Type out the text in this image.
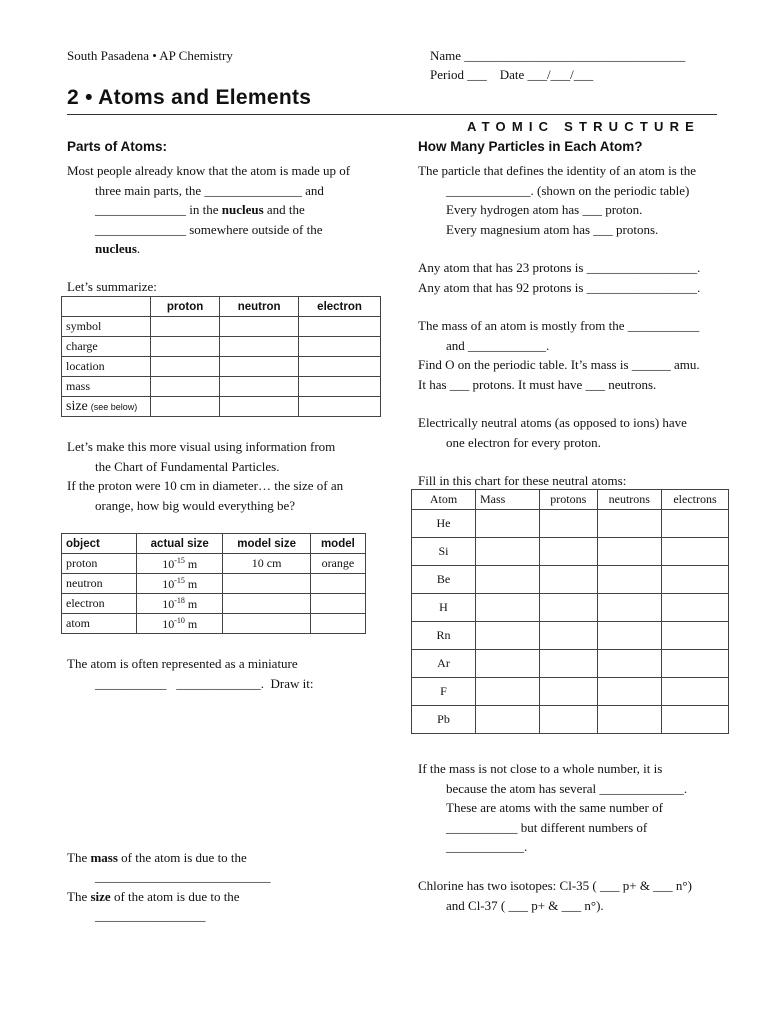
South Pasadena • AP Chemistry	Name __________________________________
Period ___    Date ___/___/___
2 • Atoms and Elements
ATOMIC STRUCTURE
Parts of Atoms:
Most people already know that the atom is made up of
three main parts, the _______________ and
______________ in the nucleus and the
______________ somewhere outside of the
nucleus.
Let’s summarize:
	proton	neutron	electron
symbol			
charge			
location			
mass			
size (see below)			
Let’s make this more visual using information from
the Chart of Fundamental Particles.
If the proton were 10 cm in diameter… the size of an
orange, how big would everything be?
object	actual size	model size	model
proton	$10^{-15}$ m	10 cm	orange
neutron	$10^{-15}$ m		
electron	$10^{-18}$ m		
atom	$10^{-10}$ m		
The atom is often represented as a miniature
___________   _____________.  Draw it:
The mass of the atom is due to the
___________________________
The size of the atom is due to the
_________________
How Many Particles in Each Atom?
The particle that defines the identity of an atom is the
_____________. (shown on the periodic table)
Every hydrogen atom has ___ proton.
Every magnesium atom has ___ protons.
Any atom that has 23 protons is _________________.
Any atom that has 92 protons is _________________.
The mass of an atom is mostly from the ___________
and ____________.
Find O on the periodic table. It’s mass is ______ amu.
It has ___ protons. It must have ___ neutrons.
Electrically neutral atoms (as opposed to ions) have
one electron for every proton.
Fill in this chart for these neutral atoms:
Atom	Mass	protons	neutrons	electrons
He				
Si				
Be				
H				
Rn				
Ar				
F				
Pb				
If the mass is not close to a whole number, it is
because the atom has several _____________.
These are atoms with the same number of
___________ but different numbers of
____________.
Chlorine has two isotopes: Cl-35 ( ___ p+ & ___ n°)
and Cl-37 ( ___ p+ & ___ n°).
